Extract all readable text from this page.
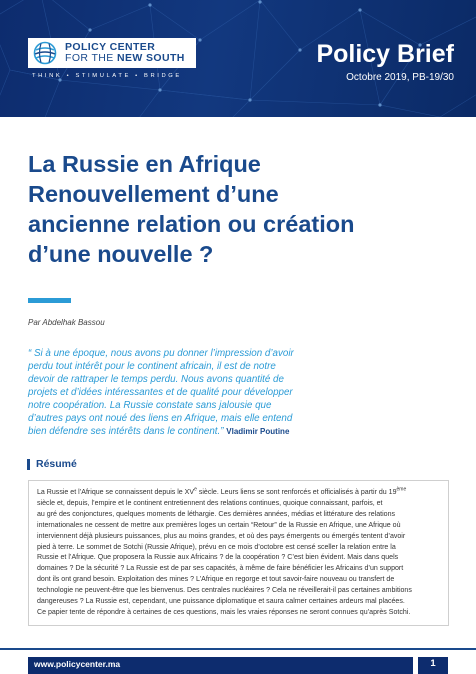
POLICY CENTER
FOR THE NEW SOUTH
THINK • STIMULATE • BRIDGE
Policy Brief
Octobre 2019, PB-19/30
La Russie en Afrique
Renouvellement d’une
ancienne relation ou création
d’une nouvelle ?
Par Abdelhak Bassou
“ Si à une époque, nous avons pu donner l’impression d’avoir
perdu tout intérêt pour le continent africain, il est de notre
devoir de rattraper le temps perdu. Nous avons quantité de
projets et d’idées intéressantes et de qualité pour développer
notre coopération. La Russie constate sans jalousie que
d’autres pays ont noué des liens en Afrique, mais elle entend
bien défendre ses intérêts dans le continent.” Vladimir Poutine
Résumé
La Russie et l’Afrique se connaissent depuis le XVe siècle. Leurs liens se sont renforcés et officialisés à partir du 19ème
siècle et, depuis, l’empire et le continent entretiennent des relations continues, quoique connaissant, parfois, et
au gré des conjonctures, quelques moments de léthargie. Ces dernières années, médias et littérature des relations
internationales ne cessent de mettre aux premières loges un certain “Retour” de la Russie en Afrique, une Afrique où
interviennent déjà plusieurs puissances, plus au moins grandes, et où des pays émergents ou émergés tentent d’avoir
pied à terre. Le sommet de Sotchi (Russie Afrique), prévu en ce mois d’octobre est censé sceller la relation entre la
Russie et l’Afrique. Que proposera la Russie aux Africains ? de la coopération ? C’est bien évident. Mais dans quels
domaines ? De la sécurité ? La Russie est de par ses capacités, à même de faire bénéficier les Africains d’un support
dont ils ont grand besoin. Exploitation des mines ? L’Afrique en regorge et tout savoir-faire nouveau ou transfert de
technologie ne peuvent-être que les bienvenus. Des centrales nucléaires ? Cela ne réveillerait-il pas certaines ambitions
dangereuses ? La Russie est, cependant, une puissance diplomatique et saura calmer certaines ardeurs mal placées.
Ce papier tente de répondre à certaines de ces questions, mais les vraies réponses ne seront connues qu’après Sotchi.
www.policycenter.ma	1
